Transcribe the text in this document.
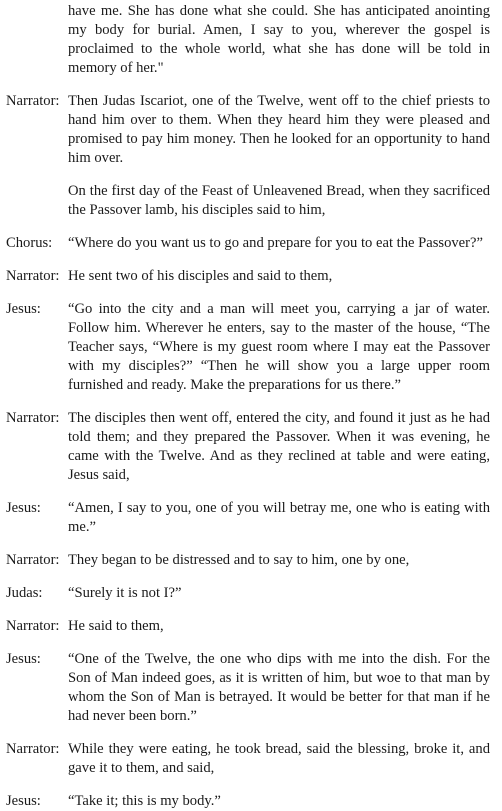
have me. She has done what she could. She has anticipated anointing my body for burial. Amen, I say to you, wherever the gospel is proclaimed to the whole world, what she has done will be told in memory of her."
Narrator: Then Judas Iscariot, one of the Twelve, went off to the chief priests to hand him over to them. When they heard him they were pleased and promised to pay him money. Then he looked for an opportunity to hand him over.
On the first day of the Feast of Unleavened Bread, when they sacrificed the Passover lamb, his disciples said to him,
Chorus:	“Where do you want us to go and prepare for you to eat the Passover?”
Narrator: He sent two of his disciples and said to them,
Jesus:	“Go into the city and a man will meet you, carrying a jar of water. Follow him. Wherever he enters, say to the master of the house, “The Teacher says, “Where is my guest room where I may eat the Passover with my disciples?” “Then he will show you a large upper room furnished and ready. Make the preparations for us there.”
Narrator: The disciples then went off, entered the city, and found it just as he had told them; and they prepared the Passover. When it was evening, he came with the Twelve. And as they reclined at table and were eating, Jesus said,
Jesus:	“Amen, I say to you, one of you will betray me, one who is eating with me.”
Narrator: They began to be distressed and to say to him, one by one,
Judas:	“Surely it is not I?”
Narrator: He said to them,
Jesus:	“One of the Twelve, the one who dips with me into the dish. For the Son of Man indeed goes, as it is written of him, but woe to that man by whom the Son of Man is betrayed. It would be better for that man if he had never been born.”
Narrator: While they were eating, he took bread, said the blessing, broke it, and gave it to them, and said,
Jesus:	“Take it; this is my body.”
